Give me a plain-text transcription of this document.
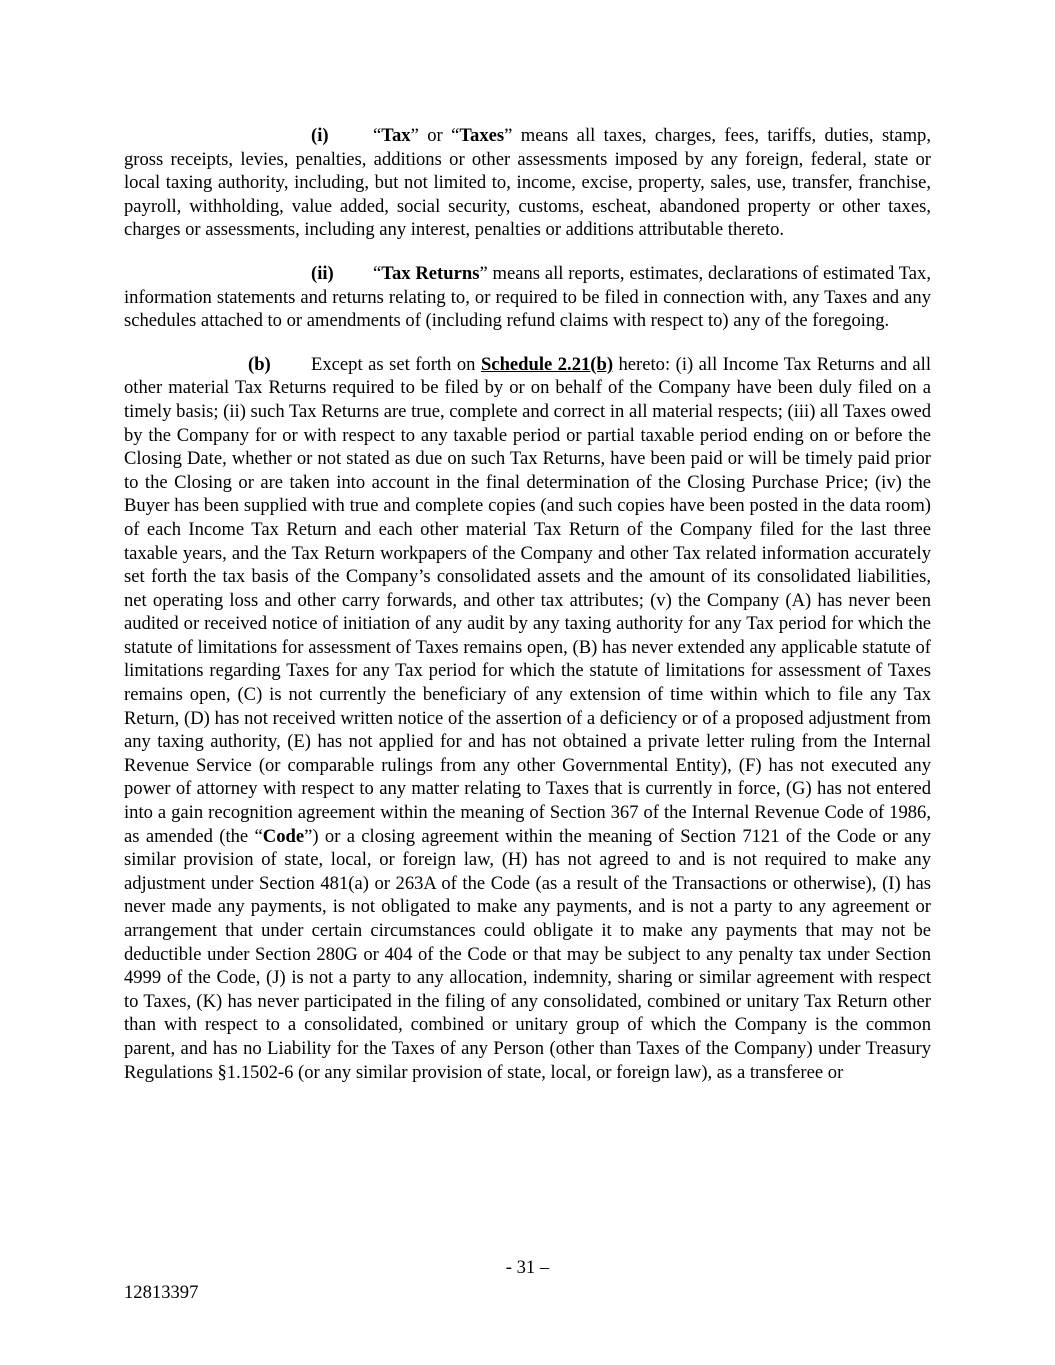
(i) “Tax” or “Taxes” means all taxes, charges, fees, tariffs, duties, stamp, gross receipts, levies, penalties, additions or other assessments imposed by any foreign, federal, state or local taxing authority, including, but not limited to, income, excise, property, sales, use, transfer, franchise, payroll, withholding, value added, social security, customs, escheat, abandoned property or other taxes, charges or assessments, including any interest, penalties or additions attributable thereto.

(ii) “Tax Returns” means all reports, estimates, declarations of estimated Tax, information statements and returns relating to, or required to be filed in connection with, any Taxes and any schedules attached to or amendments of (including refund claims with respect to) any of the foregoing.

(b) Except as set forth on Schedule 2.21(b) hereto: (i) all Income Tax Returns and all other material Tax Returns required to be filed by or on behalf of the Company have been duly filed on a timely basis; (ii) such Tax Returns are true, complete and correct in all material respects; (iii) all Taxes owed by the Company for or with respect to any taxable period or partial taxable period ending on or before the Closing Date, whether or not stated as due on such Tax Returns, have been paid or will be timely paid prior to the Closing or are taken into account in the final determination of the Closing Purchase Price; (iv) the Buyer has been supplied with true and complete copies (and such copies have been posted in the data room) of each Income Tax Return and each other material Tax Return of the Company filed for the last three taxable years, and the Tax Return workpapers of the Company and other Tax related information accurately set forth the tax basis of the Company’s consolidated assets and the amount of its consolidated liabilities, net operating loss and other carry forwards, and other tax attributes; (v) the Company (A) has never been audited or received notice of initiation of any audit by any taxing authority for any Tax period for which the statute of limitations for assessment of Taxes remains open, (B) has never extended any applicable statute of limitations regarding Taxes for any Tax period for which the statute of limitations for assessment of Taxes remains open, (C) is not currently the beneficiary of any extension of time within which to file any Tax Return, (D) has not received written notice of the assertion of a deficiency or of a proposed adjustment from any taxing authority, (E) has not applied for and has not obtained a private letter ruling from the Internal Revenue Service (or comparable rulings from any other Governmental Entity), (F) has not executed any power of attorney with respect to any matter relating to Taxes that is currently in force, (G) has not entered into a gain recognition agreement within the meaning of Section 367 of the Internal Revenue Code of 1986, as amended (the “Code”) or a closing agreement within the meaning of Section 7121 of the Code or any similar provision of state, local, or foreign law, (H) has not agreed to and is not required to make any adjustment under Section 481(a) or 263A of the Code (as a result of the Transactions or otherwise), (I) has never made any payments, is not obligated to make any payments, and is not a party to any agreement or arrangement that under certain circumstances could obligate it to make any payments that may not be deductible under Section 280G or 404 of the Code or that may be subject to any penalty tax under Section 4999 of the Code, (J) is not a party to any allocation, indemnity, sharing or similar agreement with respect to Taxes, (K) has never participated in the filing of any consolidated, combined or unitary Tax Return other than with respect to a consolidated, combined or unitary group of which the Company is the common parent, and has no Liability for the Taxes of any Person (other than Taxes of the Company) under Treasury Regulations §1.1502-6 (or any similar provision of state, local, or foreign law), as a transferee or

- 31 –
12813397
